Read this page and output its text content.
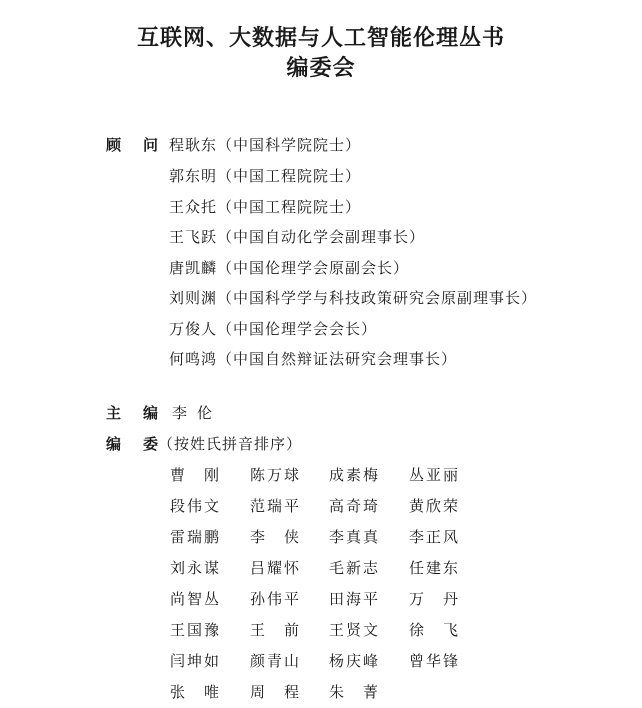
互联网、大数据与人工智能伦理丛书
编委会
顾 问 程耿东（中国科学院院士）
郭东明（中国工程院院士）
王众托（中国工程院院士）
王飞跃（中国自动化学会副理事长）
唐凯麟（中国伦理学会原副会长）
刘则渊（中国科学学与科技政策研究会原副理事长）
万俊人（中国伦理学会会长）
何鸣鸿（中国自然辩证法研究会理事长）
主 编 李伦
编 委 （按姓氏拼音排序）
曹　刚 陈万球 成素梅 丛亚丽
段伟文 范瑞平 高奇琦 黄欣荣
雷瑞鹏 李　侠 李真真 李正风
刘永谋 吕耀怀 毛新志 任建东
尚智丛 孙伟平 田海平 万　丹
王国豫 王　前 王贤文 徐　飞
闫坤如 颜青山 杨庆峰 曾华锋
张　唯 周　程 朱　菁
